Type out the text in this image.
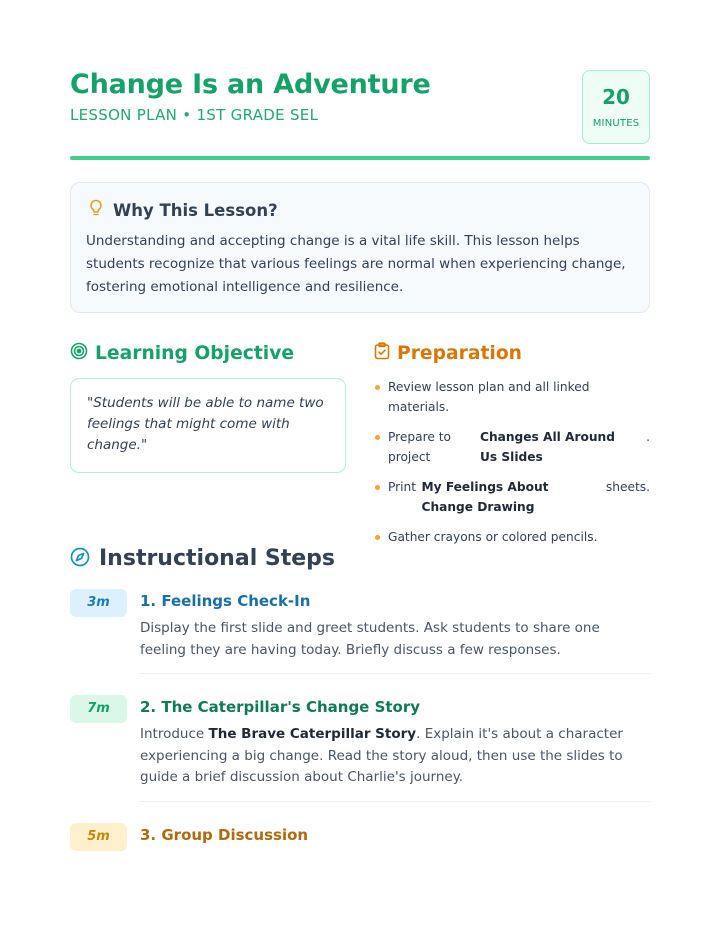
Change Is an Adventure
LESSON PLAN • 1ST GRADE SEL
20
MINUTES
Why This Lesson?

Understanding and accepting change is a vital life skill. This lesson helps students recognize that various feelings are normal when experiencing change, fostering emotional intelligence and resilience.

Learning Objective

"Students will be able to name two feelings that might come with change."

Preparation
Review lesson plan and all linked materials.
Prepare to project
Changes All Around Us Slides
.
Print My Feelings About Change Drawing
sheets.
Gather crayons or colored pencils.
Instructional Steps
3m	1. Feelings Check-In

Display the first slide and greet students. Ask students to share one feeling they are having today. Briefly discuss a few responses.

7m	2. The Caterpillar's Change Story

Introduce The Brave Caterpillar Story. Explain it's about a character experiencing a big change. Read the story aloud, then use the slides to guide a brief discussion about Charlie's journey.

5m	3. Group Discussion
